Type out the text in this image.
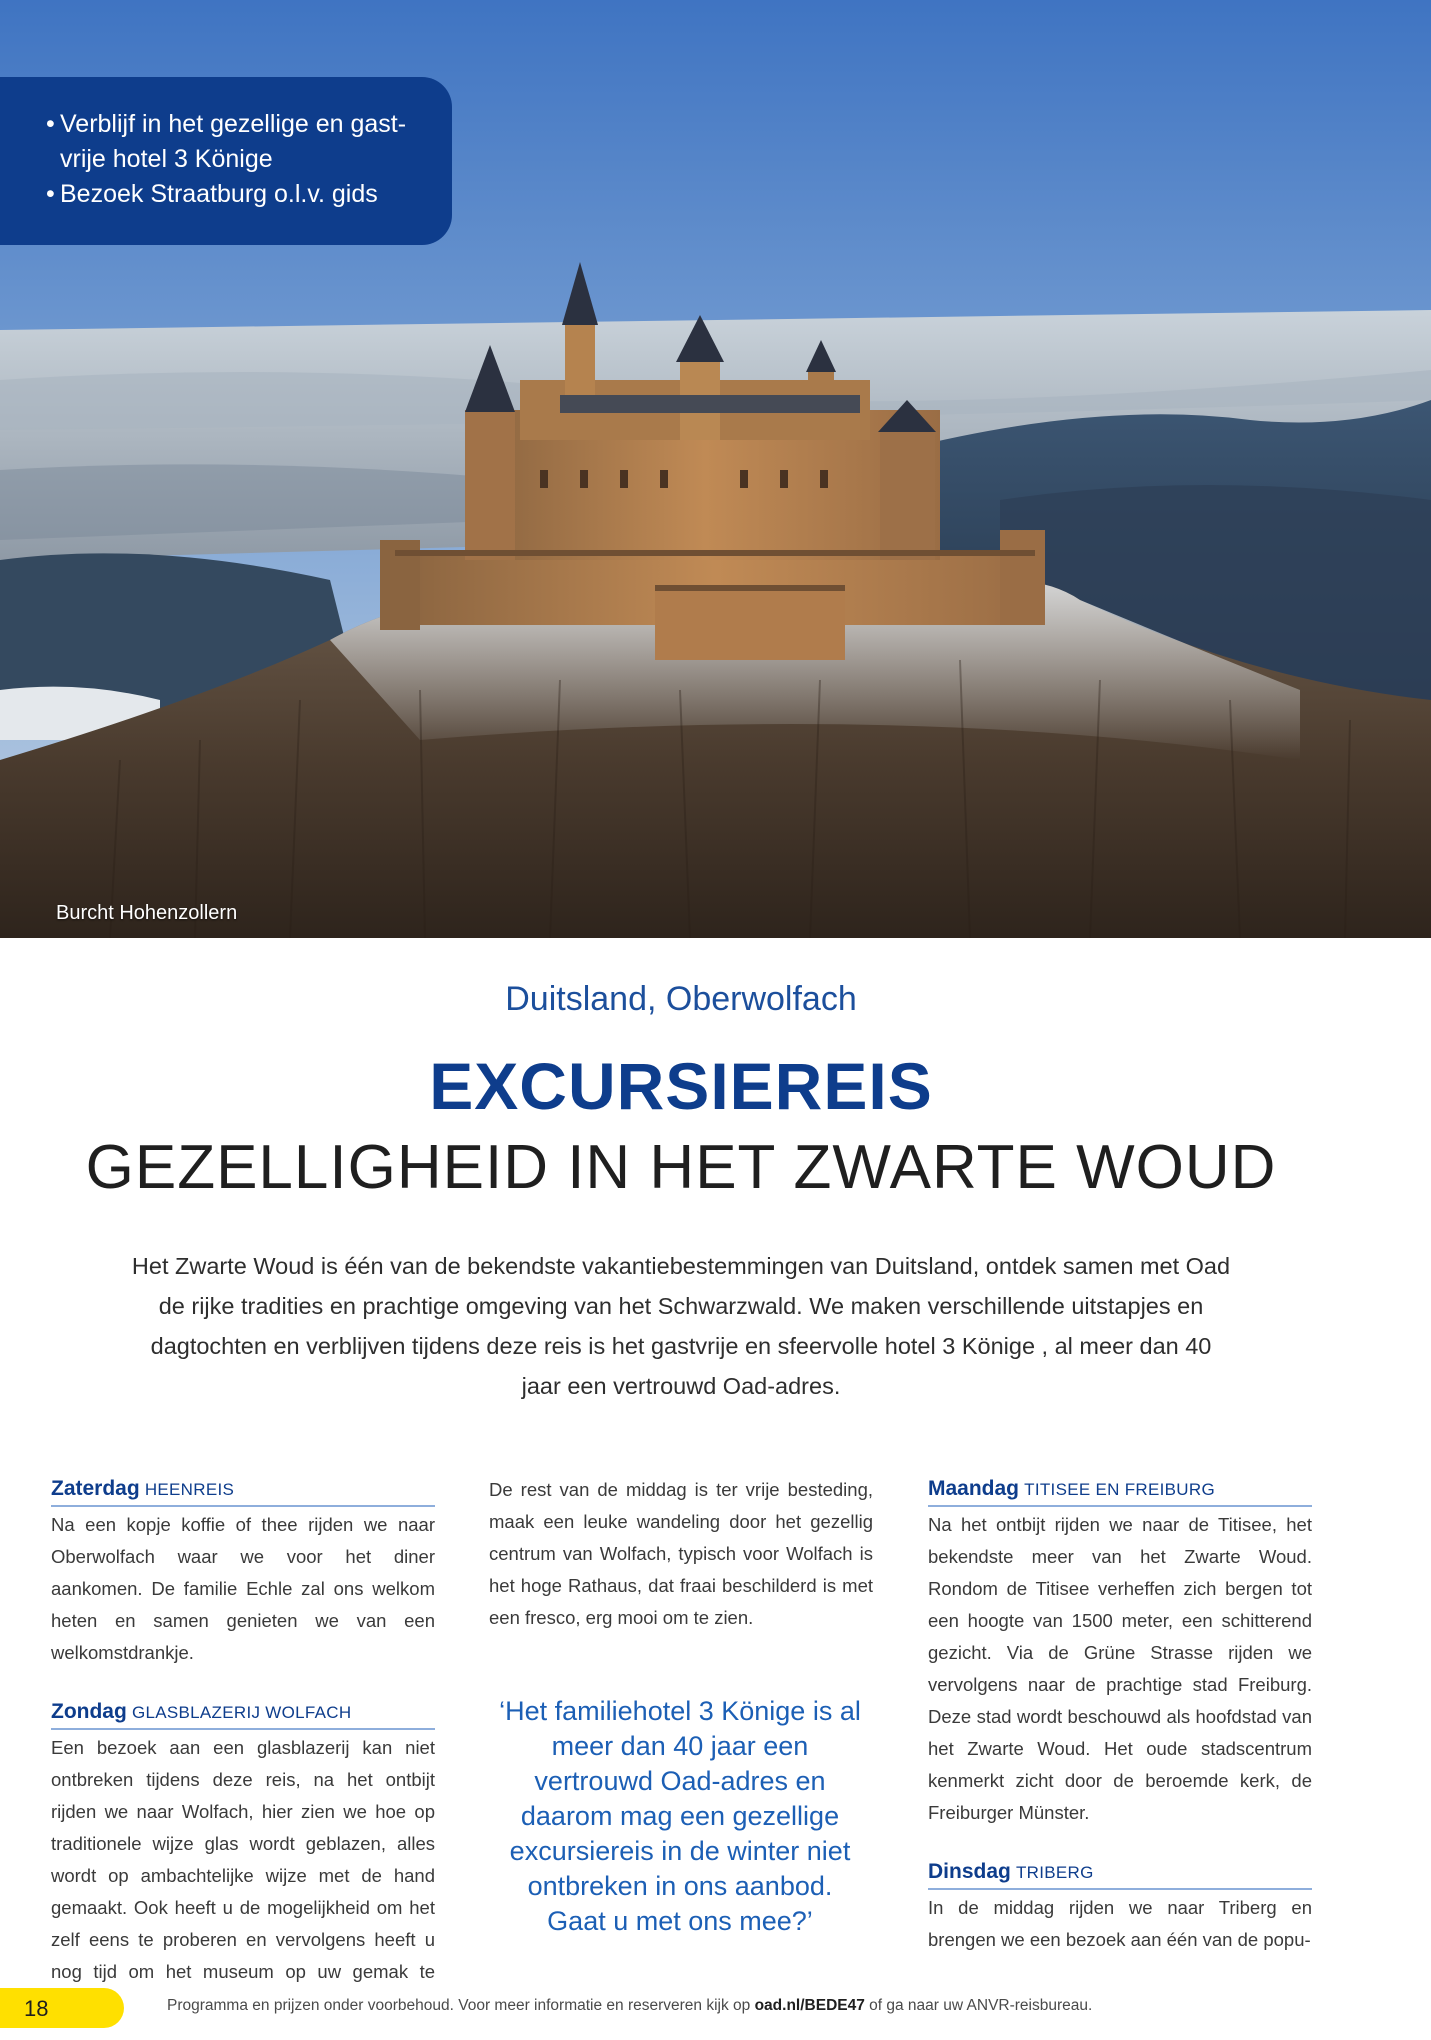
• Verblijf in het gezellige en gast-
vrije hotel 3 Könige
• Bezoek Straatburg o.l.v. gids
Burcht Hohenzollern
Duitsland, Oberwolfach
EXCURSIEREIS
GEZELLIGHEID IN HET ZWARTE WOUD
Het Zwarte Woud is één van de bekendste vakantiebestemmingen van Duitsland, ontdek samen met Oad de rijke tradities en prachtige omgeving van het Schwarzwald. We maken verschillende uitstapjes en dagtochten en verblijven tijdens deze reis is het gastvrije en sfeervolle hotel 3 Könige , al meer dan 40 jaar een vertrouwd Oad-adres.
Zaterdag HEENREIS

Na een kopje koffie of thee rijden we naar Oberwolfach waar we voor het diner aankomen. De familie Echle zal ons welkom heten en samen genieten we van een welkomstdrankje.

Zondag GLASBLAZERIJ WOLFACH

Een bezoek aan een glasblazerij kan niet ontbreken tijdens deze reis, na het ontbijt rijden we naar Wolfach, hier zien we hoe op traditionele wijze glas wordt geblazen, alles wordt op ambachtelijke wijze met de hand gemaakt. Ook heeft u de mogelijkheid om het zelf eens te proberen en vervolgens heeft u nog tijd om het museum op uw gemak te

De rest van de middag is ter vrije besteding, maak een leuke wandeling door het gezellig centrum van Wolfach, typisch voor Wolfach is het hoge Rathaus, dat fraai beschilderd is met een fresco, erg mooi om te zien.

‘Het familiehotel 3 Könige is al meer dan 40 jaar een vertrouwd Oad-adres en daarom mag een gezellige excursiereis in de winter niet ontbreken in ons aanbod. Gaat u met ons mee?’
Maandag TITISEE EN FREIBURG

Na het ontbijt rijden we naar de Titisee, het bekendste meer van het Zwarte Woud. Rondom de Titisee verheffen zich bergen tot een hoogte van 1500 meter, een schitterend gezicht. Via de Grüne Strasse rijden we vervolgens naar de prachtige stad Freiburg. Deze stad wordt beschouwd als hoofdstad van het Zwarte Woud. Het oude stadscentrum kenmerkt zicht door de beroemde kerk, de Freiburger Münster.

Dinsdag TRIBERG

In de middag rijden we naar Triberg en brengen we een bezoek aan één van de popu-

18	Programma en prijzen onder voorbehoud. Voor meer informatie en reserveren kijk op oad.nl/BEDE47 of ga naar uw ANVR-reisbureau.
